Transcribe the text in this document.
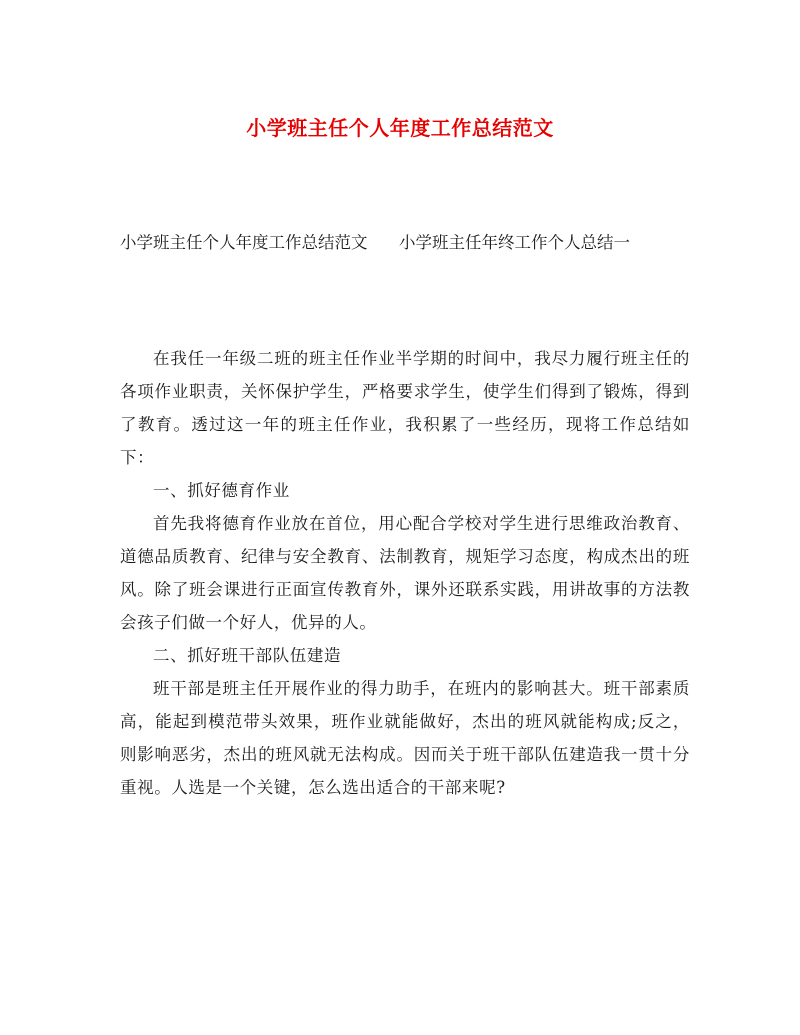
小学班主任个人年度工作总结范文
小学班主任个人年度工作总结范文      小学班主任年终工作个人总结一

在我任一年级二班的班主任作业半学期的时间中，我尽力履行班主任的各项作业职责，关怀保护学生，严格要求学生，使学生们得到了锻炼，得到了教育。透过这一年的班主任作业，我积累了一些经历，现将工作总结如下：

一、抓好德育作业

首先我将德育作业放在首位，用心配合学校对学生进行思维政治教育、道德品质教育、纪律与安全教育、法制教育，规矩学习态度，构成杰出的班风。除了班会课进行正面宣传教育外，课外还联系实践，用讲故事的方法教会孩子们做一个好人，优异的人。

二、抓好班干部队伍建造

班干部是班主任开展作业的得力助手，在班内的影响甚大。班干部素质高，能起到模范带头效果，班作业就能做好，杰出的班风就能构成;反之，则影响恶劣，杰出的班风就无法构成。因而关于班干部队伍建造我一贯十分重视。人选是一个关键，怎么选出适合的干部来呢?
